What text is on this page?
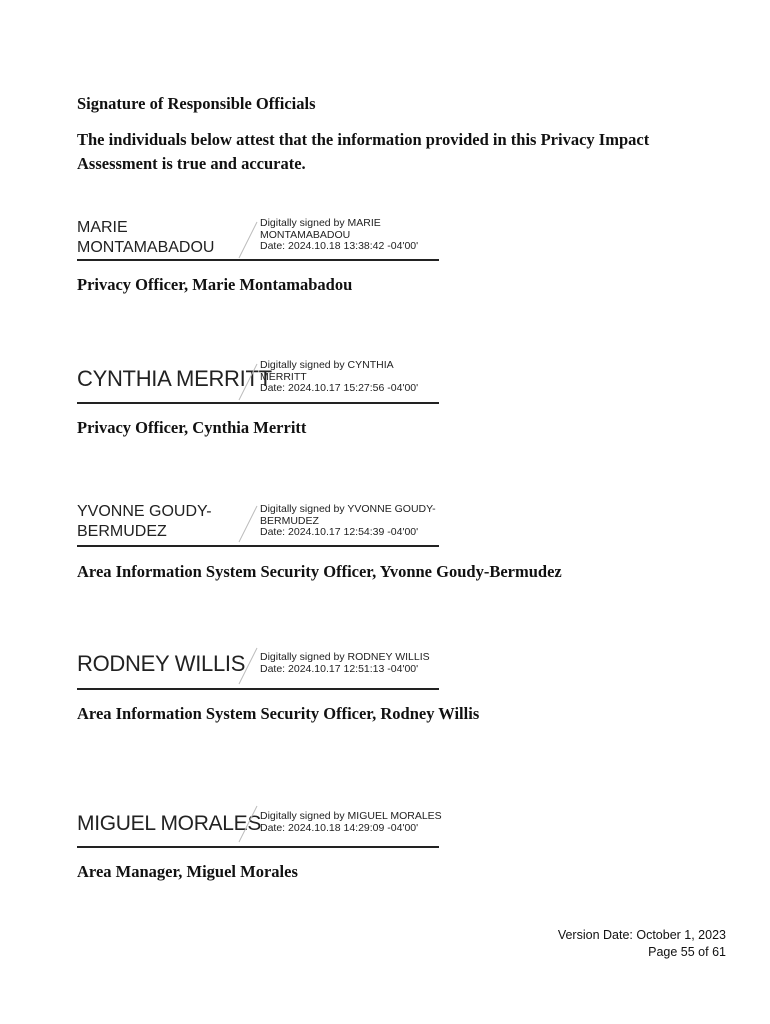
Signature of Responsible Officials
The individuals below attest that the information provided in this Privacy Impact Assessment is true and accurate.
MARIE
MONTAMABADOU
Digitally signed by MARIE
MONTAMABADOU
Date: 2024.10.18 13:38:42 -04'00'
Privacy Officer, Marie Montamabadou
CYNTHIA MERRITT
Digitally signed by CYNTHIA
MERRITT
Date: 2024.10.17 15:27:56 -04'00'
Privacy Officer, Cynthia Merritt
YVONNE GOUDY-
BERMUDEZ
Digitally signed by YVONNE GOUDY-
BERMUDEZ
Date: 2024.10.17 12:54:39 -04'00'
Area Information System Security Officer, Yvonne Goudy-Bermudez
RODNEY WILLIS Digitally signed by RODNEY WILLIS
Date: 2024.10.17 12:51:13 -04'00'
Area Information System Security Officer, Rodney Willis
MIGUEL MORALES
Digitally signed by MIGUEL MORALES
Date: 2024.10.18 14:29:09 -04'00'
Area Manager, Miguel Morales
Version Date: October 1, 2023
Page 55 of 61
